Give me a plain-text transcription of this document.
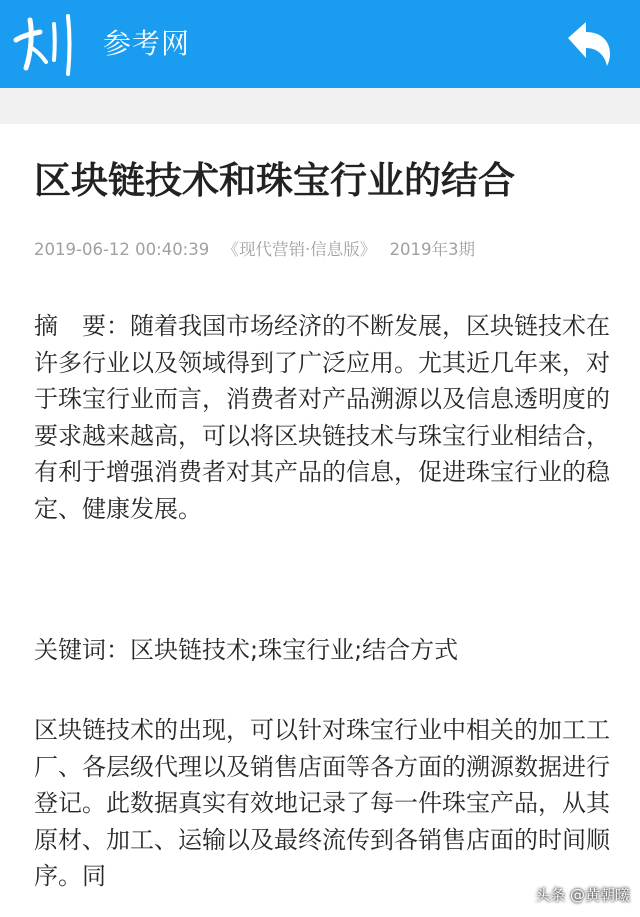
参考网
区块链技术和珠宝行业的结合
2019-06-12 00:40:39 《现代营销·信息版》 2019年3期

摘　要：随着我国市场经济的不断发展，区块链技术在许多行业以及领域得到了广泛应用。尤其近几年来，对于珠宝行业而言，消费者对产品溯源以及信息透明度的要求越来越高，可以将区块链技术与珠宝行业相结合，有利于增强消费者对其产品的信息，促进珠宝行业的稳定、健康发展。

关键词：区块链技术;珠宝行业;结合方式

区块链技术的出现，可以针对珠宝行业中相关的加工工厂、各层级代理以及销售店面等各方面的溯源数据进行登记。此数据真实有效地记录了每一件珠宝产品，从其原材、加工、运输以及最终流传到各销售店面的时间顺序。同

头条 @黄朝曦
